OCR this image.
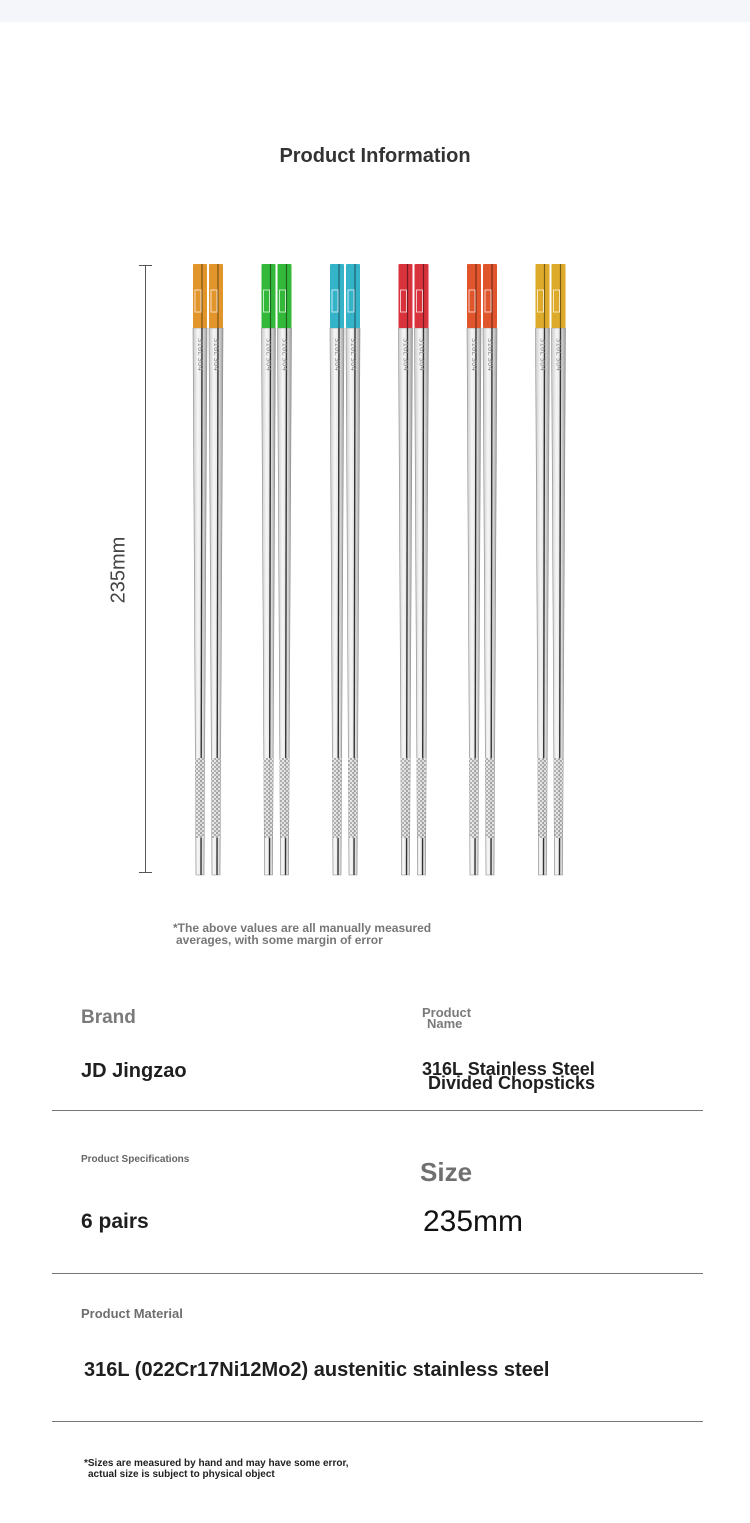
Product Information
235mm
316L 304 316L 304	316L 304 316L 304	316L 304 316L 304	316L 304 316L 304	316L 304 316L 304	316L 304 316L 304
*The above values are all manually measured
averages, with some margin of error
Brand
JD Jingzao
Product
Name
316L Stainless Steel
Divided Chopsticks
Product Specifications
6 pairs
Size
235mm
Product Material
316L (022Cr17Ni12Mo2) austenitic stainless steel
*Sizes are measured by hand and may have some error,
actual size is subject to physical object
